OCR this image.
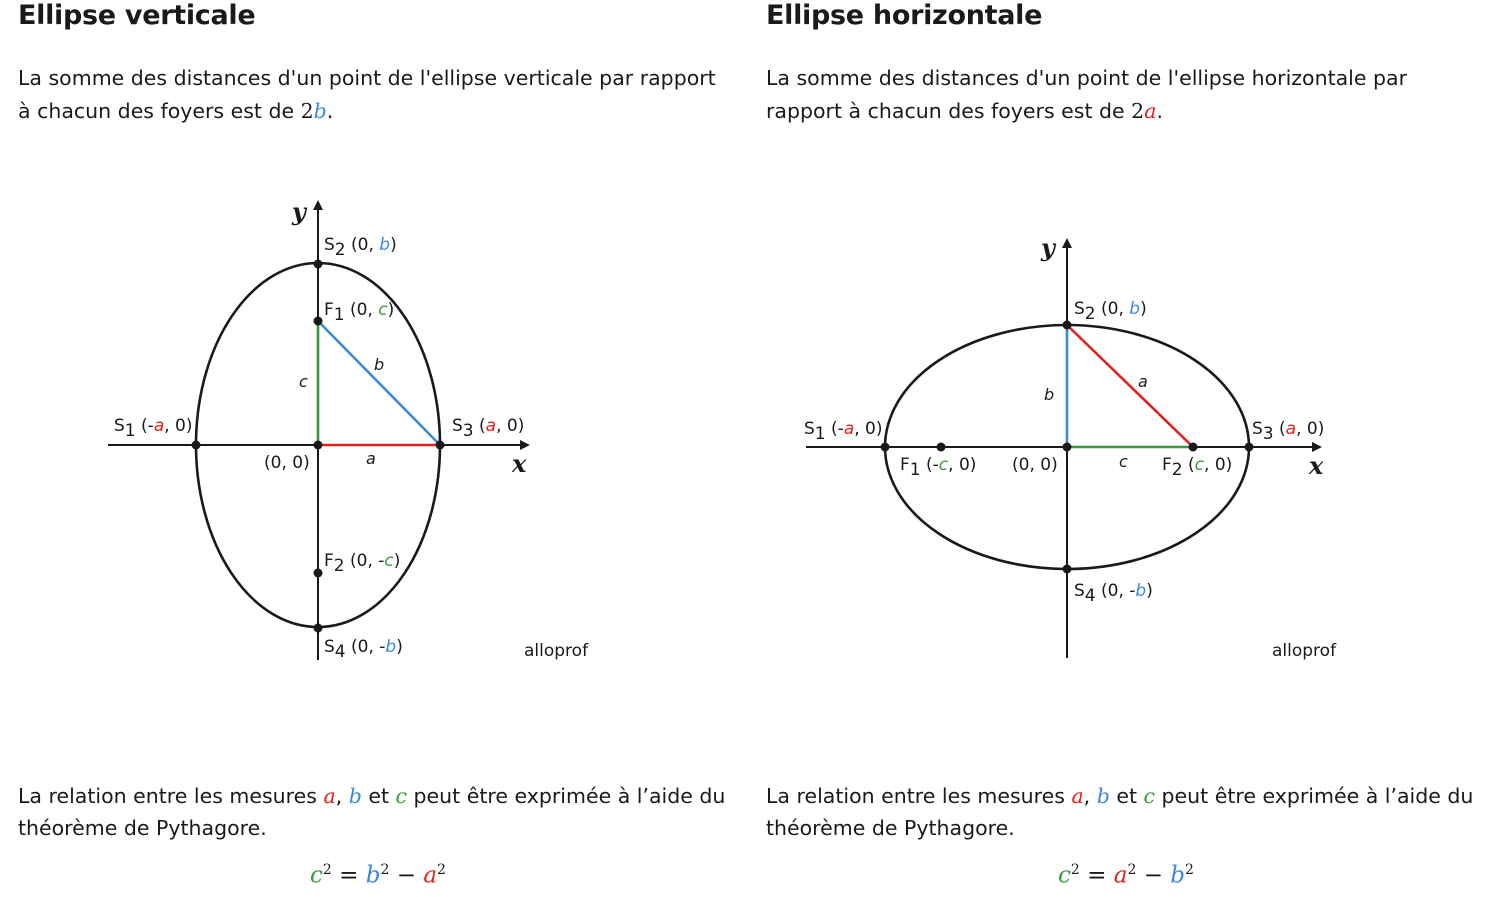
Ellipse verticale

La somme des distances d'un point de l'ellipse verticale par rapport à chacun des foyers est de 2b.

x
y
c
a
b
S2 (0, b)
F1 (0, c)
S1 (-a, 0)	S3 (a, 0)
(0, 0)
F2 (0, -c)
S4 (0, -b)	alloprof

La relation entre les mesures a, b et c peut être exprimée à l’aide du théorème de Pythagore.

$c^2 = b^2 - a^2$
Ellipse horizontale

La somme des distances d'un point de l'ellipse horizontale par rapport à chacun des foyers est de 2a.

x
y
b
c
a
S2 (0, b)
S1 (-a, 0)	S3 (a, 0)
F1 (-c, 0) (0, 0)	F2 (c, 0)
S4 (0, -b)
alloprof

La relation entre les mesures a, b et c peut être exprimée à l’aide du théorème de Pythagore.

$c^2 = a^2 - b^2$
